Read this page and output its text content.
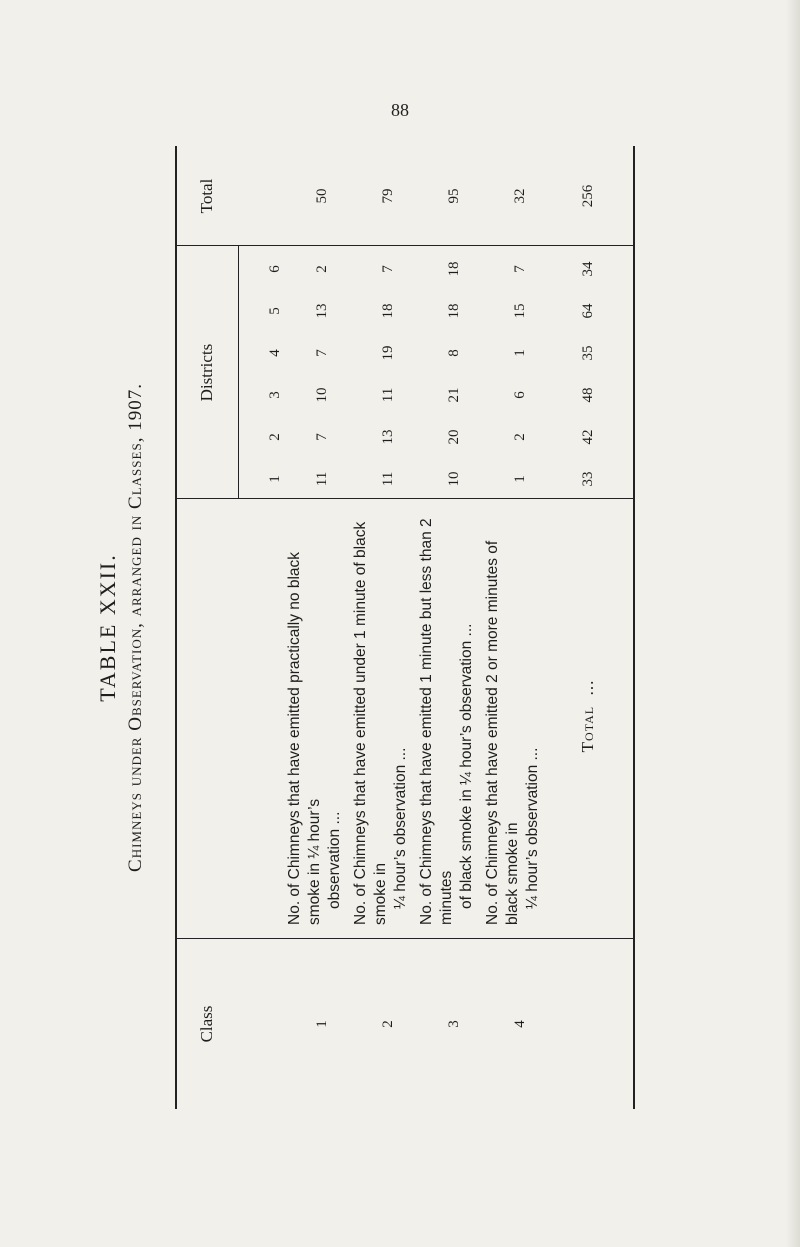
88
TABLE XXII. Chimneys under Observation, arranged in Classes, 1907.
Class
Districts
Total
1
2
3
4
5
6
1
No. of Chimneys that have emitted practically no black smoke in ¼ hour’s observation ...
11
7
10
7
13
2
50
2
No. of Chimneys that have emitted under 1 minute of black smoke in ¼ hour’s observation ...
11
13
11
19
18
7
79
3
No. of Chimneys that have emitted 1 minute but less than 2 minutes of black smoke in ¼ hour’s observation ...
10
20
21
8
18
18
95
4
No. of Chimneys that have emitted 2 or more minutes of black smoke in ¼ hour’s observation ...
1
2
6
1
15
7
32
Total

...
33
42
48
35
64
34
256
